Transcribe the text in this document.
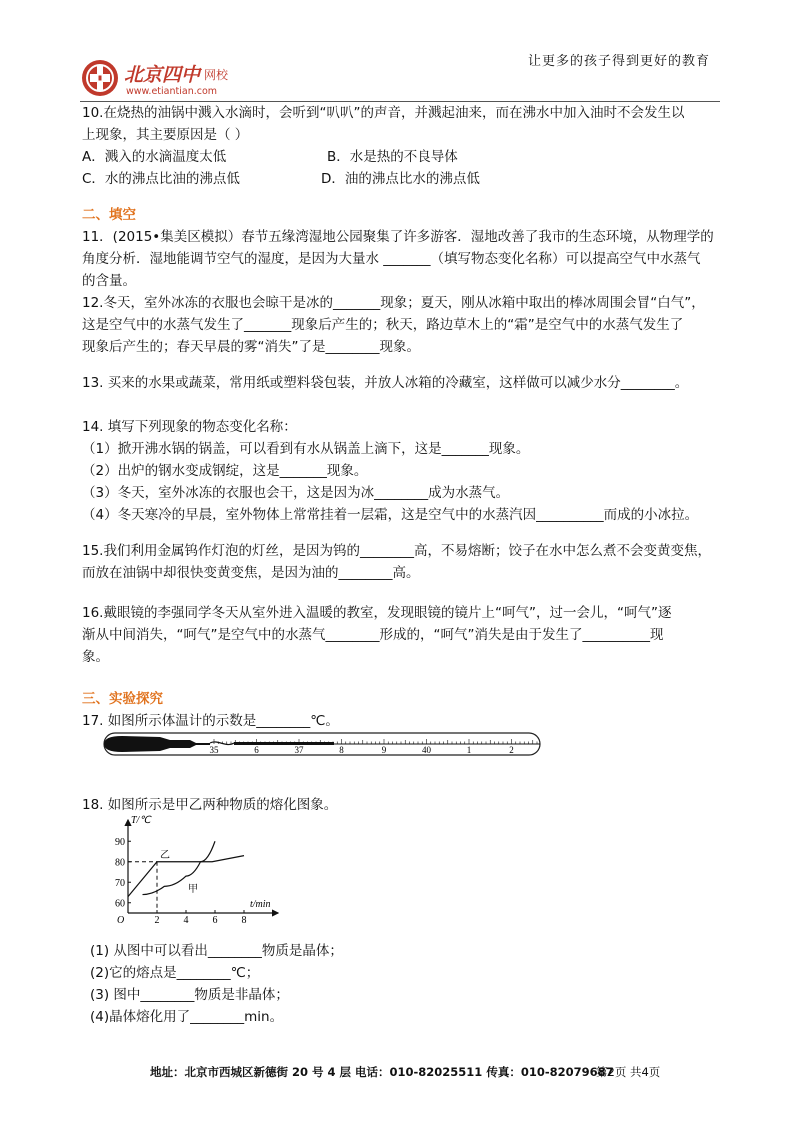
北京四中 网校
www.etiantian.com
让更多的孩子得到更好的教育
10.在烧热的油锅中溅入水滴时，会听到“叭叭”的声音，并溅起油来，而在沸水中加入油时不会发生以
上现象，其主要原因是（ ）
A．溅入的水滴温度太低	B．水是热的不良导体
C．水的沸点比油的沸点低	D．油的沸点比水的沸点低
二、填空
11．(2015•集美区模拟）春节五缘湾湿地公园聚集了许多游客．湿地改善了我市的生态环境，从物理学的
角度分析．湿地能调节空气的湿度，是因为大量水 _______（填写物态变化名称）可以提高空气中水蒸气
的含量。
12.冬天，室外冰冻的衣服也会晾干是冰的_______现象；夏天，刚从冰箱中取出的棒冰周围会冒“白气”，
这是空气中的水蒸气发生了_______现象后产生的；秋天，路边草木上的“霜”是空气中的水蒸气发生了
现象后产生的；春天早晨的雾“消失”了是________现象。
13. 买来的水果或蔬菜，常用纸或塑料袋包装，并放人冰箱的冷藏室，这样做可以减少水分________。
14. 填写下列现象的物态变化名称：
（1）掀开沸水锅的锅盖，可以看到有水从锅盖上滴下，这是_______现象。
（2）出炉的钢水变成钢绽，这是_______现象。
（3）冬天，室外冰冻的衣服也会干，这是因为冰________成为水蒸气。
（4）冬天寒冷的早晨，室外物体上常常挂着一层霜，这是空气中的水蒸汽因__________而成的小冰拉。
15.我们利用金属钨作灯泡的灯丝，是因为钨的________高，不易熔断；饺子在水中怎么煮不会变黄变焦，
而放在油锅中却很快变黄变焦，是因为油的________高。
16.戴眼镜的李强同学冬天从室外进入温暖的教室，发现眼镜的镜片上“呵气”，过一会儿，“呵气”逐
渐从中间消失，“呵气”是空气中的水蒸气________形成的，“呵气”消失是由于发生了__________现
象。
三、实验探究
17. 如图所示体温计的示数是________℃。
35	6	37	8	9	40	1	2
18. 如图所示是甲乙两种物质的熔化图象。
T/℃
t/min
O	2 4 6 8
60
70
80
90
乙
甲
(1) 从图中可以看出________物质是晶体；
(2)它的熔点是________℃；
(3) 图中________物质是非晶体；
(4)晶体熔化用了________min。
地址：北京市西城区新德街 20 号 4 层 电话：010-82025511 传真：010-82079687
第2页 共4页
